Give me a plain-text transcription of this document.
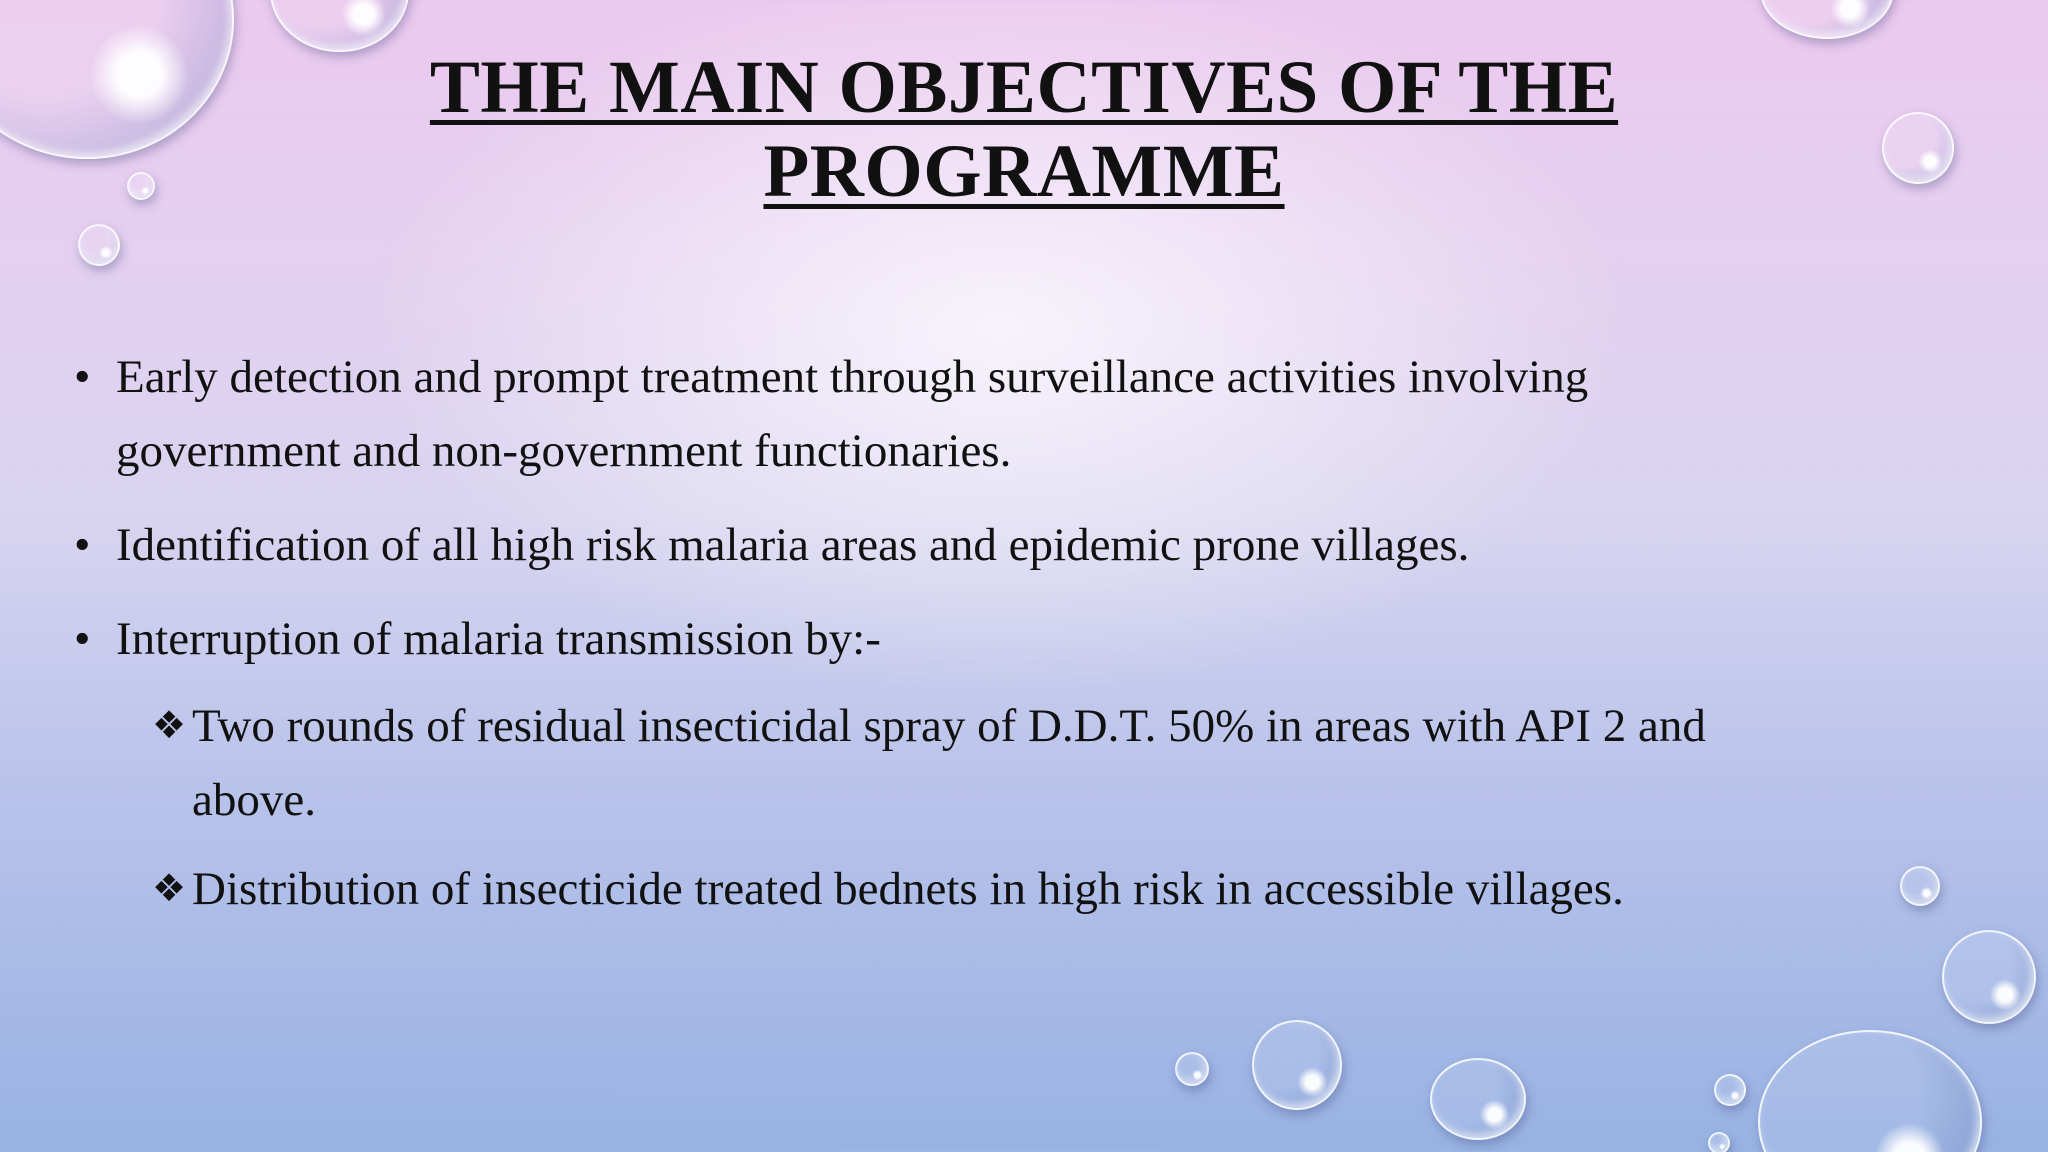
THE MAIN OBJECTIVES OF THE
PROGRAMME
• Early detection and prompt treatment through surveillance activities involving government and non-government functionaries.
• Identification of all high risk malaria areas and epidemic prone villages.
• Interruption of malaria transmission by:-
❖ Two rounds of residual insecticidal spray of D.D.T. 50% in areas with API 2 and above.
❖ Distribution of insecticide treated bednets in high risk in accessible villages.
